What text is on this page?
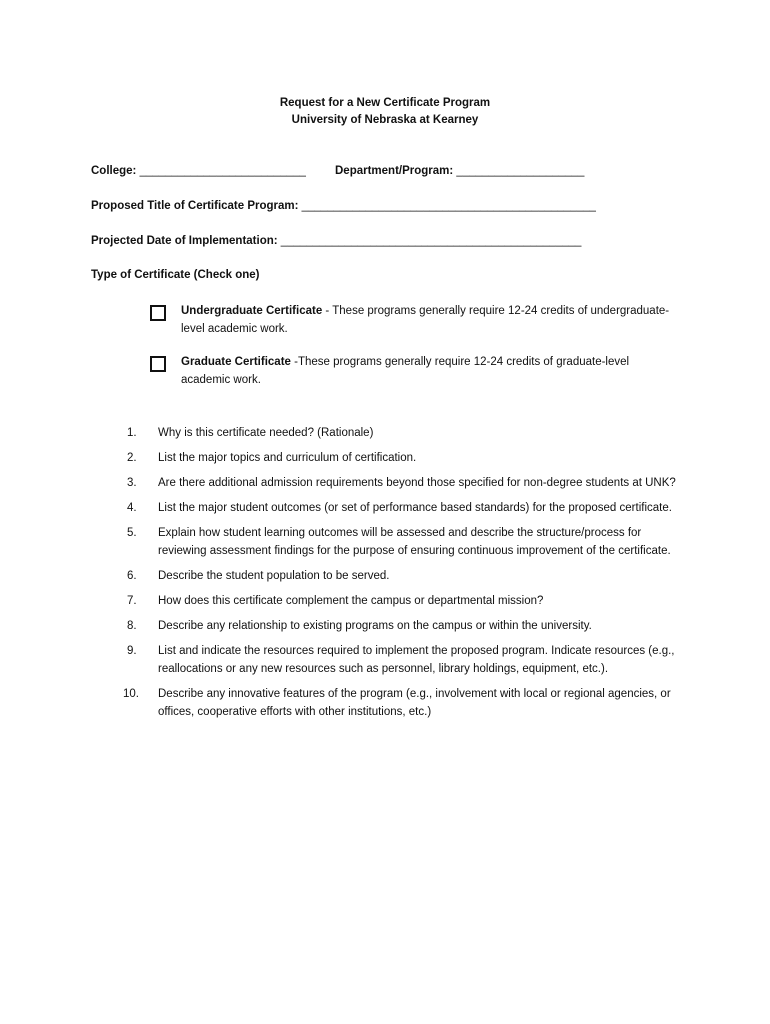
Request for a New Certificate Program
University of Nebraska at Kearney
College: __________________________	Department/Program: ____________________
Proposed Title of Certificate Program: ______________________________________________
Projected Date of Implementation: _______________________________________________
Type of Certificate (Check one)
Undergraduate Certificate - These programs generally require 12-24 credits of undergraduate-level academic work.
Graduate Certificate -These programs generally require 12-24 credits of graduate-level academic work.
1. Why is this certificate needed? (Rationale)
2. List the major topics and curriculum of certification.
3. Are there additional admission requirements beyond those specified for non-degree students at UNK?
4. List the major student outcomes (or set of performance based standards) for the proposed certificate.
5. Explain how student learning outcomes will be assessed and describe the structure/process for reviewing assessment findings for the purpose of ensuring continuous improvement of the certificate.
6. Describe the student population to be served.
7. How does this certificate complement the campus or departmental mission?
8. Describe any relationship to existing programs on the campus or within the university.
9. List and indicate the resources required to implement the proposed program. Indicate resources (e.g., reallocations or any new resources such as personnel, library holdings, equipment, etc.).
10. Describe any innovative features of the program (e.g., involvement with local or regional agencies, or offices, cooperative efforts with other institutions, etc.)
